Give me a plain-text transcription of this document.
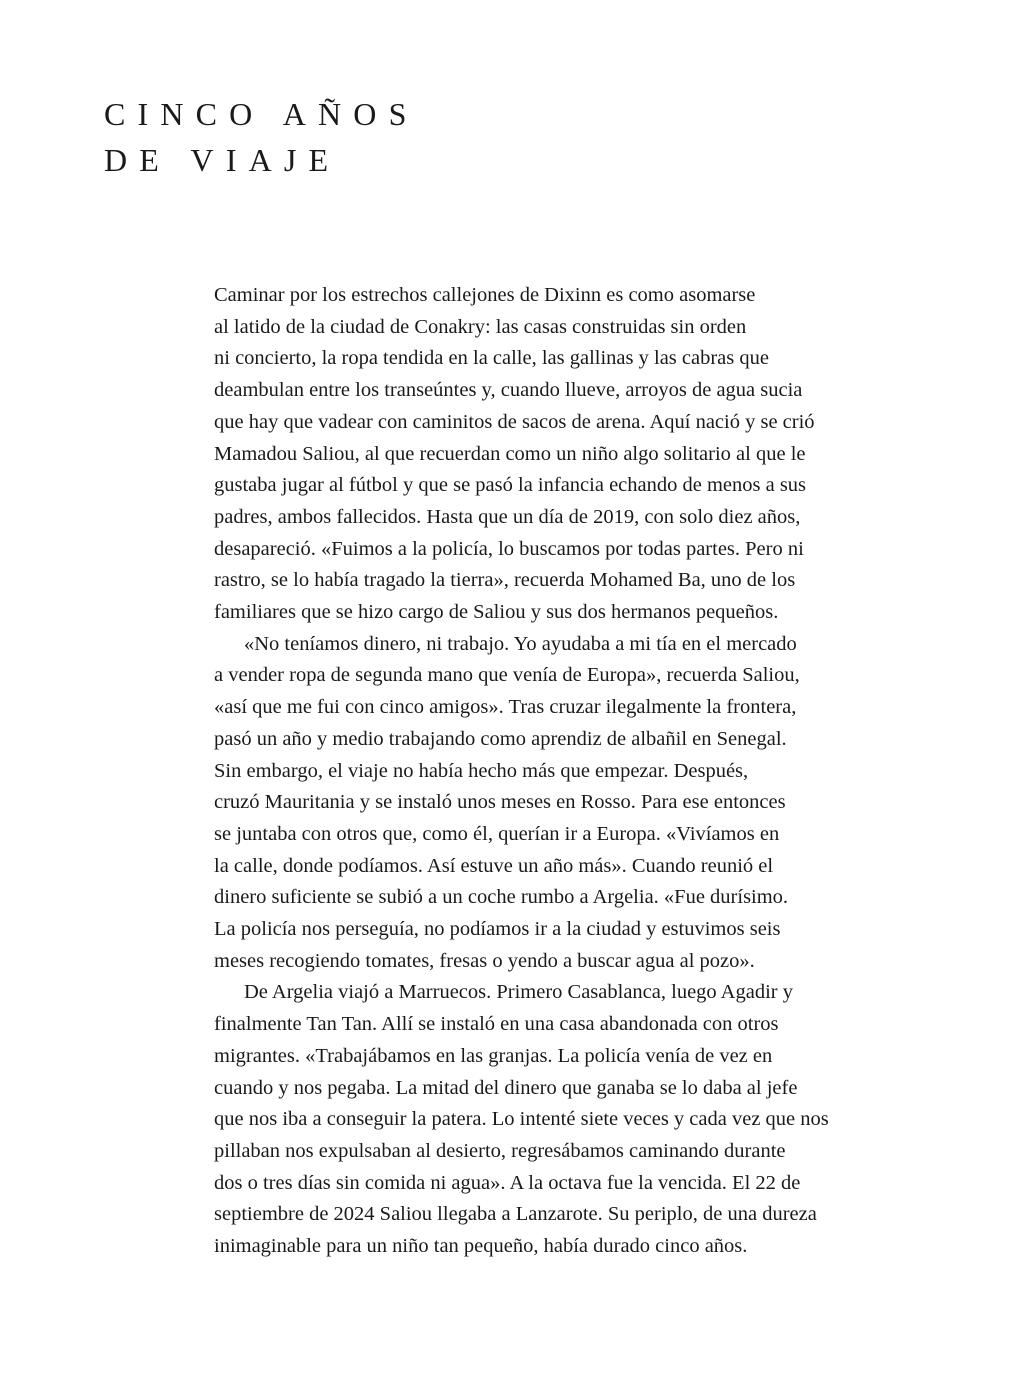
CINCO AÑOS
DE VIAJE

Caminar por los estrechos callejones de Dixinn es como asomarse
al latido de la ciudad de Conakry: las casas construidas sin orden
ni concierto, la ropa tendida en la calle, las gallinas y las cabras que
deambulan entre los transeúntes y, cuando llueve, arroyos de agua sucia
que hay que vadear con caminitos de sacos de arena. Aquí nació y se crió
Mamadou Saliou, al que recuerdan como un niño algo solitario al que le
gustaba jugar al fútbol y que se pasó la infancia echando de menos a sus
padres, ambos fallecidos. Hasta que un día de 2019, con solo diez años,
desapareció. «Fuimos a la policía, lo buscamos por todas partes. Pero ni
rastro, se lo había tragado la tierra», recuerda Mohamed Ba, uno de los
familiares que se hizo cargo de Saliou y sus dos hermanos pequeños.

«No teníamos dinero, ni trabajo. Yo ayudaba a mi tía en el mercado
a vender ropa de segunda mano que venía de Europa», recuerda Saliou,
«así que me fui con cinco amigos». Tras cruzar ilegalmente la frontera,
pasó un año y medio trabajando como aprendiz de albañil en Senegal.
Sin embargo, el viaje no había hecho más que empezar. Después,
cruzó Mauritania y se instaló unos meses en Rosso. Para ese entonces
se juntaba con otros que, como él, querían ir a Europa. «Vivíamos en
la calle, donde podíamos. Así estuve un año más». Cuando reunió el
dinero suficiente se subió a un coche rumbo a Argelia. «Fue durísimo.
La policía nos perseguía, no podíamos ir a la ciudad y estuvimos seis
meses recogiendo tomates, fresas o yendo a buscar agua al pozo».

De Argelia viajó a Marruecos. Primero Casablanca, luego Agadir y
finalmente Tan Tan. Allí se instaló en una casa abandonada con otros
migrantes. «Trabajábamos en las granjas. La policía venía de vez en
cuando y nos pegaba. La mitad del dinero que ganaba se lo daba al jefe
que nos iba a conseguir la patera. Lo intenté siete veces y cada vez que nos
pillaban nos expulsaban al desierto, regresábamos caminando durante
dos o tres días sin comida ni agua». A la octava fue la vencida. El 22 de
septiembre de 2024 Saliou llegaba a Lanzarote. Su periplo, de una dureza
inimaginable para un niño tan pequeño, había durado cinco años.
